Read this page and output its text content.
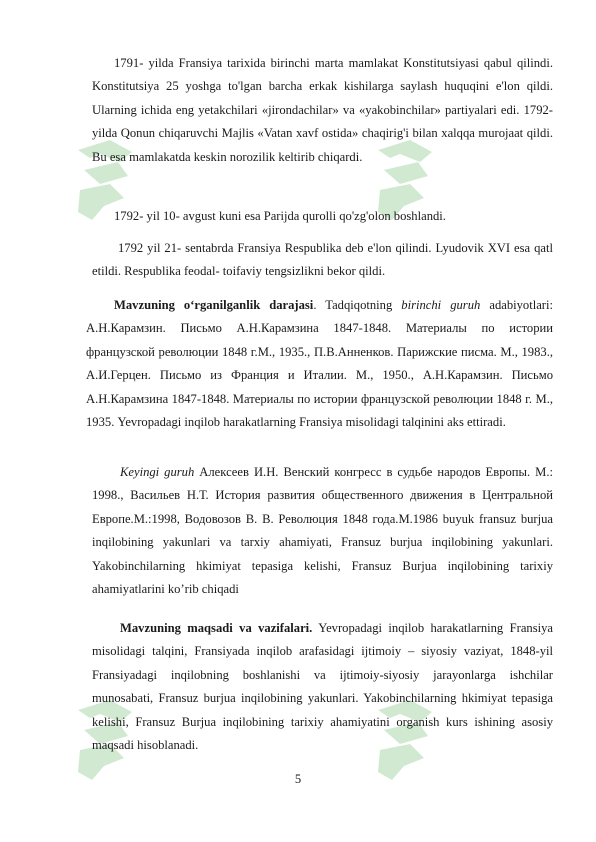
1791- yilda Fransiya tarixida birinchi marta mamlakat Konstitutsiyasi qabul qilindi. Konstitutsiya 25 yoshga to'lgan barcha erkak kishilarga saylash huquqini e'lon qildi. Ularning ichida eng yetakchilari «jirondachilar» va «yakobinchilar» partiyalari edi. 1792- yilda Qonun chiqaruvchi Majlis «Vatan xavf ostida» chaqirig'i bilan xalqqa murojaat qildi. Bu esa mamlakatda keskin norozilik keltirib chiqardi.

1792- yil 10- avgust kuni esa Parijda qurolli qo'zg'olon boshlandi.

1792 yil 21- sentabrda Fransiya Respublika deb e'lon qilindi. Lyudovik XVI esa qatl etildi. Respublika feodal- toifaviy tengsizlikni bekor qildi.

Mavzuning o‘rganilganlik darajasi. Tadqiqotning birinchi guruh adabiyotlari: А.Н.Карамзин. Письмо А.Н.Карамзина 1847-1848. Материалы по истории французской революции 1848 г.М., 1935., П.В.Анненков. Парижские писма. М., 1983., А.И.Герцен. Письмо из Франция и Италии. М., 1950., А.Н.Карамзин. Письмо А.Н.Карамзина 1847-1848. Материалы по истории французской революции 1848 г. М., 1935. Yevropadagi inqilob harakatlarning Fransiya misolidagi talqinini aks ettiradi.

Keyingi guruh Алексеев И.Н. Венский конгресс в судьбе народов Европы. М.: 1998., Васильев Н.Т. История развития общественного движения в Центральной Европе.М.:1998, Водовозов В. В. Революция 1848 года.М.1986 buyuk fransuz burjua inqilobining yakunlari va tarxiy ahamiyati, Fransuz burjua inqilobining yakunlari. Yakobinchilarning hkimiyat tepasiga kelishi, Fransuz Burjua inqilobining tarixiy ahamiyatlarini ko’rib chiqadi

Mavzuning maqsadi va vazifalari. Yevropadagi inqilob harakatlarning Fransiya misolidagi talqini, Fransiyada inqilob arafasidagi ijtimoiy – siyosiy vaziyat, 1848-yil Fransiyadagi inqilobning boshlanishi va ijtimoiy-siyosiy jarayonlarga ishchilar munosabati, Fransuz burjua inqilobining yakunlari. Yakobinchilarning hkimiyat tepasiga kelishi, Fransuz Burjua inqilobining tarixiy ahamiyatini organish kurs ishining asosiy maqsadi hisoblanadi.

5
